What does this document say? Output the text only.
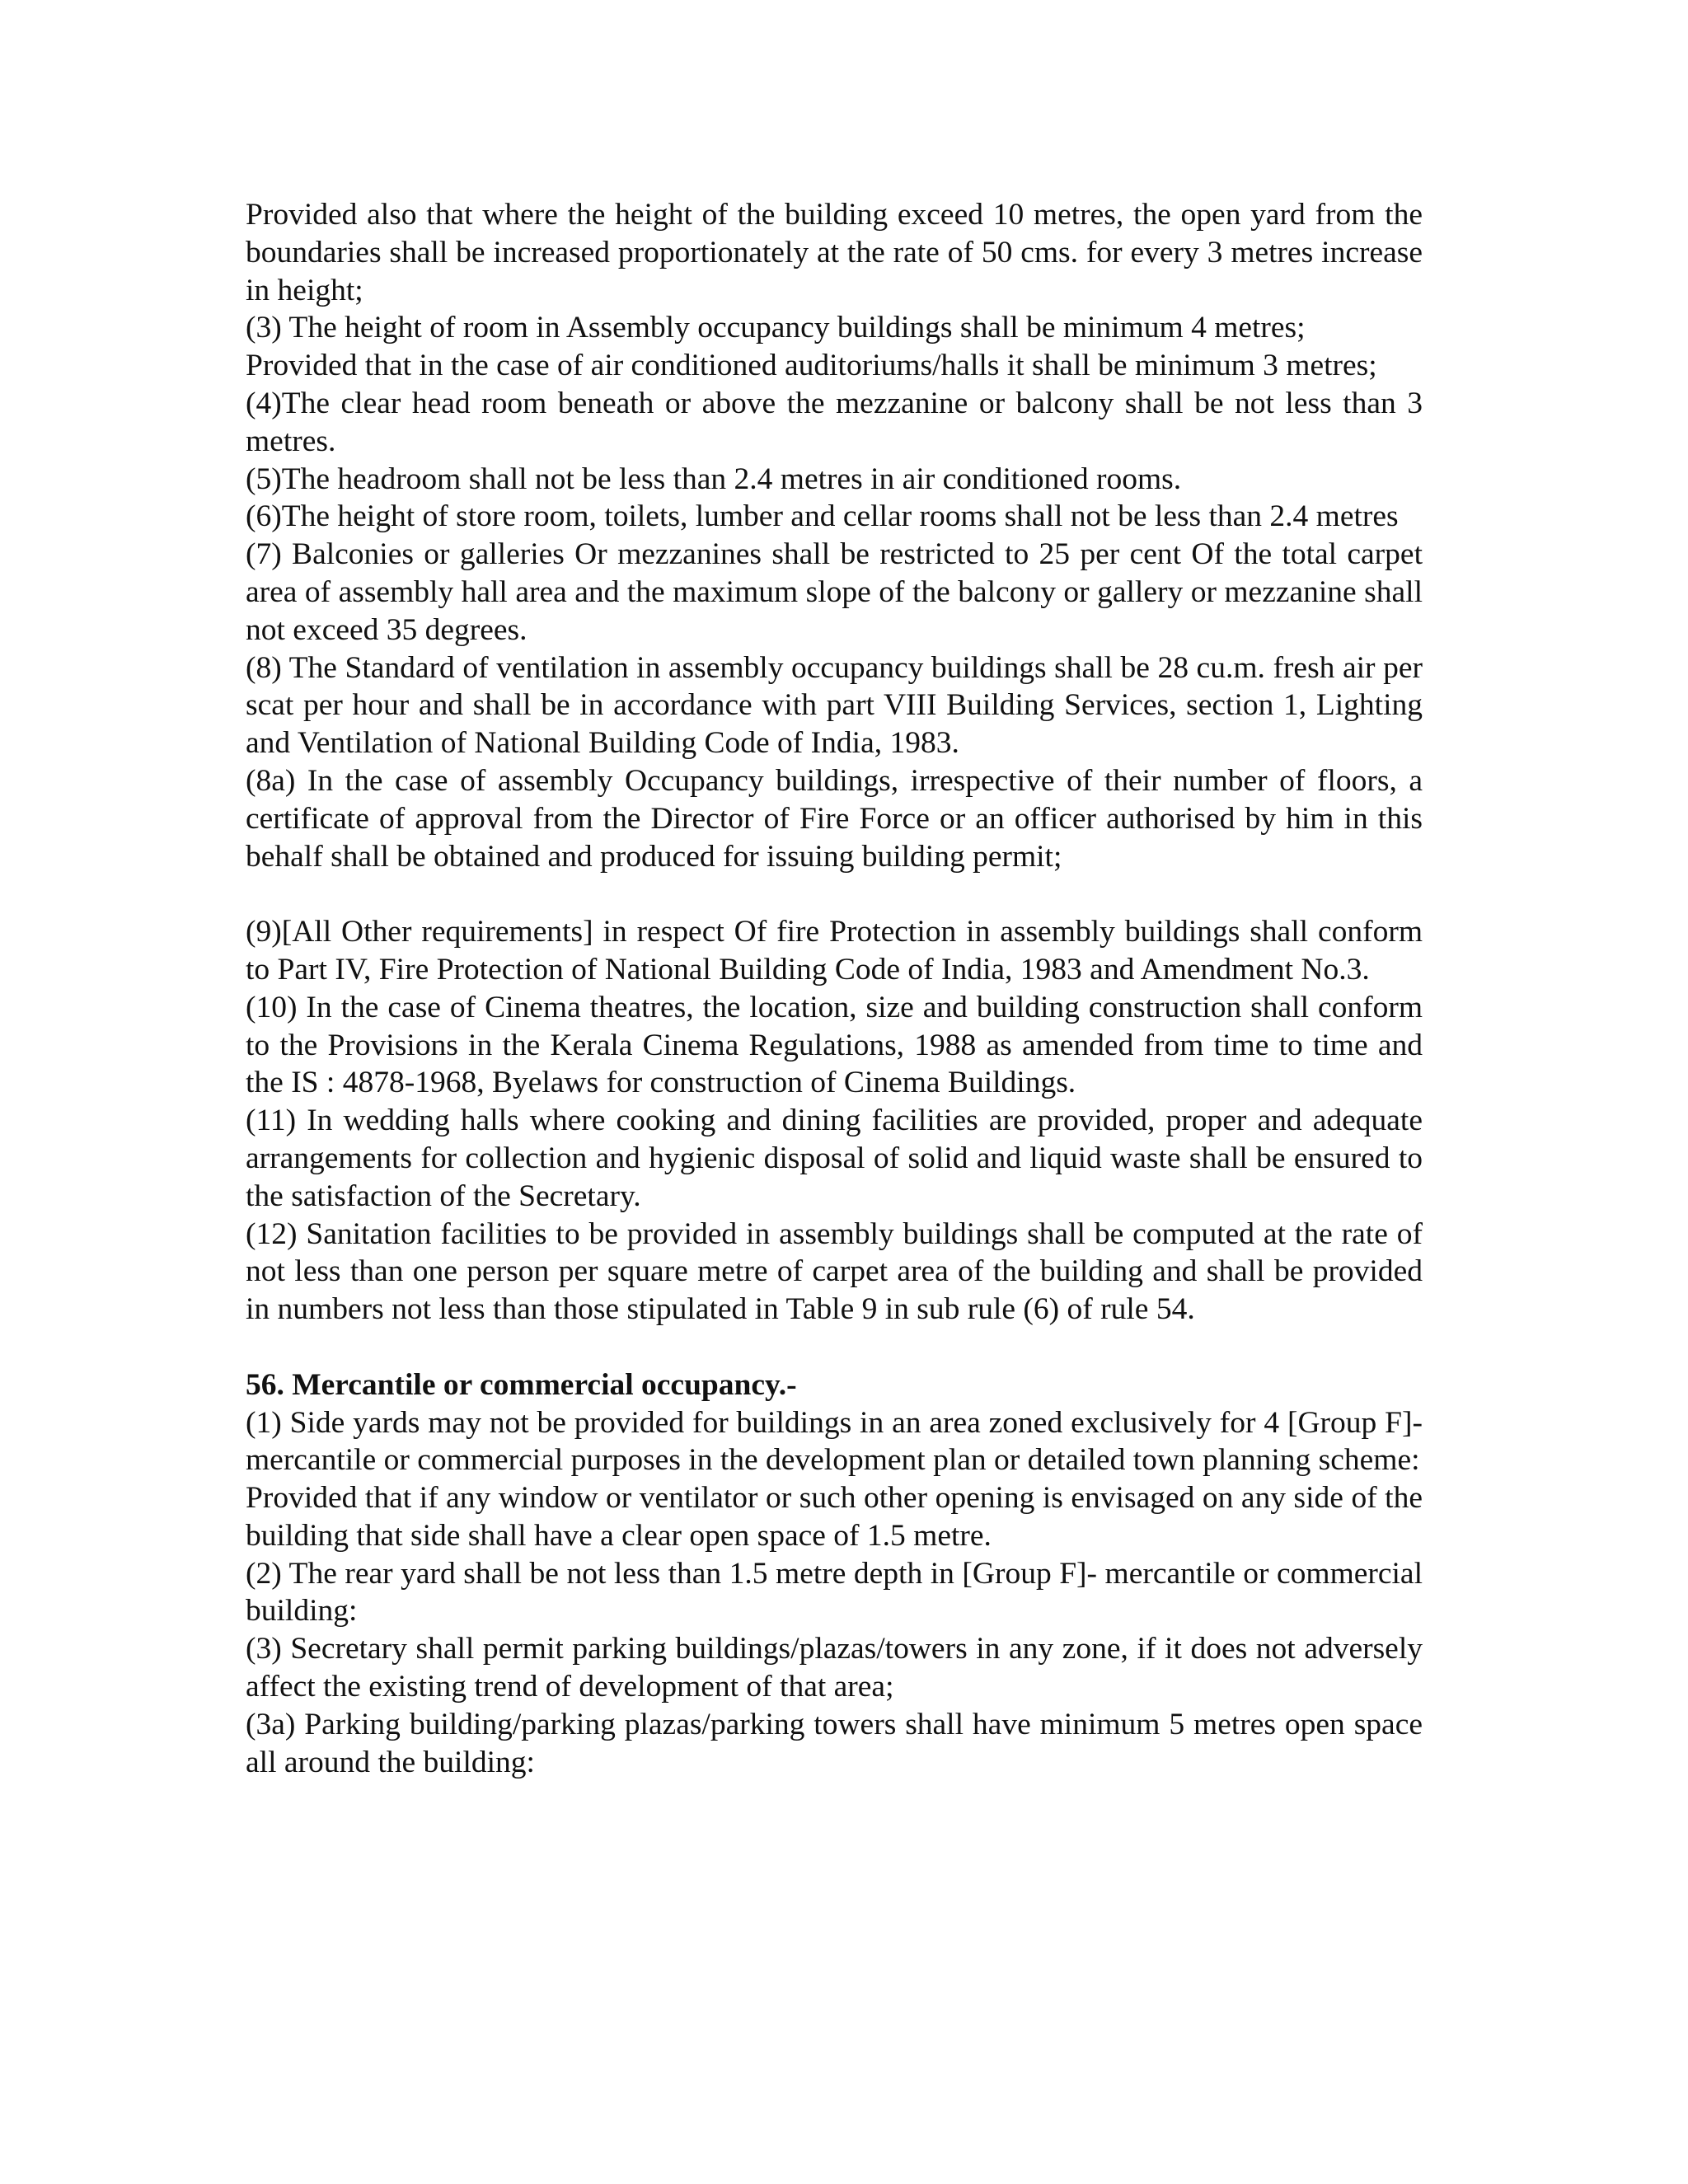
Provided also that where the height of the building exceed 10 metres, the open yard from the boundaries shall be increased proportionately at the rate of 50 cms. for every 3 metres increase in height;

(3) The height of room in Assembly occupancy buildings shall be minimum 4 metres;

Provided that in the case of air conditioned auditoriums/halls it shall be minimum 3 metres;

(4)The clear head room beneath or above the mezzanine or balcony shall be not less than 3 metres.

(5)The headroom shall not be less than 2.4 metres in air conditioned rooms.

(6)The height of store room, toilets, lumber and cellar rooms shall not be less than 2.4 metres

(7) Balconies or galleries Or mezzanines shall be restricted to 25 per cent Of the total carpet area of assembly hall area and the maximum slope of the balcony or gallery or mezzanine shall not exceed 35 degrees.

(8) The Standard of ventilation in assembly occupancy buildings shall be 28 cu.m. fresh air per scat per hour and shall be in accordance with part VIII Building Services, section 1, Lighting and Ventilation of National Building Code of India, 1983.

(8a) In the case of assembly Occupancy buildings, irrespective of their number of floors, a certificate of approval from the Director of Fire Force or an officer authorised by him in this behalf shall be obtained and produced for issuing building permit;

(9)[All Other requirements] in respect Of fire Protection in assembly buildings shall conform to Part IV, Fire Protection of National Building Code of India, 1983 and Amendment No.3.

(10) In the case of Cinema theatres, the location, size and building construction shall conform to the Provisions in the Kerala Cinema Regulations, 1988 as amended from time to time and the IS : 4878-1968, Byelaws for construction of Cinema Buildings.

(11) In wedding halls where cooking and dining facilities are provided, proper and adequate arrangements for collection and hygienic disposal of solid and liquid waste shall be ensured to the satisfaction of the Secretary.

(12) Sanitation facilities to be provided in assembly buildings shall be computed at the rate of not less than one person per square metre of carpet area of the building and shall be provided in numbers not less than those stipulated in Table 9 in sub rule (6) of rule 54.

56. Mercantile or commercial occupancy.-

(1) Side yards may not be provided for buildings in an area zoned exclusively for 4 [Group F]-mercantile or commercial purposes in the development plan or detailed town planning scheme:

Provided that if any window or ventilator or such other opening is envisaged on any side of the building that side shall have a clear open space of 1.5 metre.

(2) The rear yard shall be not less than 1.5 metre depth in [Group F]- mercantile or commercial building:

(3) Secretary shall permit parking buildings/plazas/towers in any zone, if it does not adversely affect the existing trend of development of that area;

(3a) Parking building/parking plazas/parking towers shall have minimum 5 metres open space all around the building:
